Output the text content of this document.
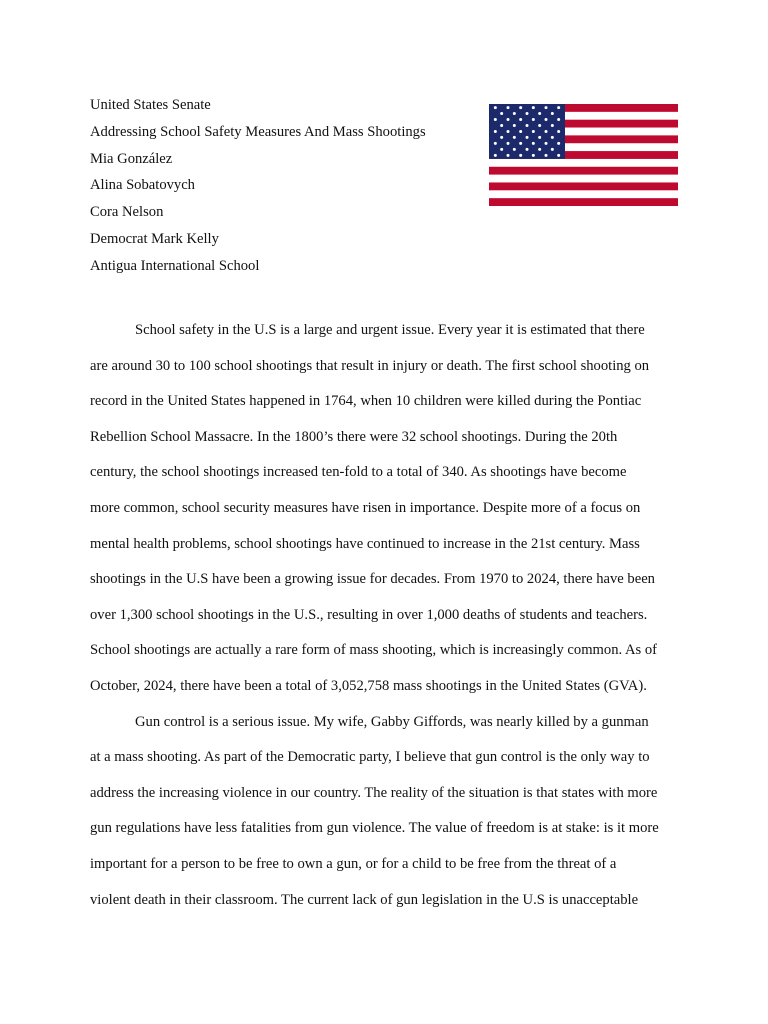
United States Senate
Addressing School Safety Measures And Mass Shootings
Mia González
Alina Sobatovych
Cora Nelson
Democrat Mark Kelly
Antigua International School

School safety in the U.S is a large and urgent issue. Every year it is estimated that there
are around 30 to 100 school shootings that result in injury or death. The first school shooting on
record in the United States happened in 1764, when 10 children were killed during the Pontiac
Rebellion School Massacre. In the 1800’s there were 32 school shootings. During the 20th
century, the school shootings increased ten-fold to a total of 340. As shootings have become
more common, school security measures have risen in importance. Despite more of a focus on
mental health problems, school shootings have continued to increase in the 21st century. Mass
shootings in the U.S have been a growing issue for decades. From 1970 to 2024, there have been
over 1,300 school shootings in the U.S., resulting in over 1,000 deaths of students and teachers.
School shootings are actually a rare form of mass shooting, which is increasingly common. As of
October, 2024, there have been a total of 3,052,758 mass shootings in the United States (GVA).

Gun control is a serious issue. My wife, Gabby Giffords, was nearly killed by a gunman
at a mass shooting. As part of the Democratic party, I believe that gun control is the only way to
address the increasing violence in our country. The reality of the situation is that states with more
gun regulations have less fatalities from gun violence. The value of freedom is at stake: is it more
important for a person to be free to own a gun, or for a child to be free from the threat of a
violent death in their classroom. The current lack of gun legislation in the U.S is unacceptable
